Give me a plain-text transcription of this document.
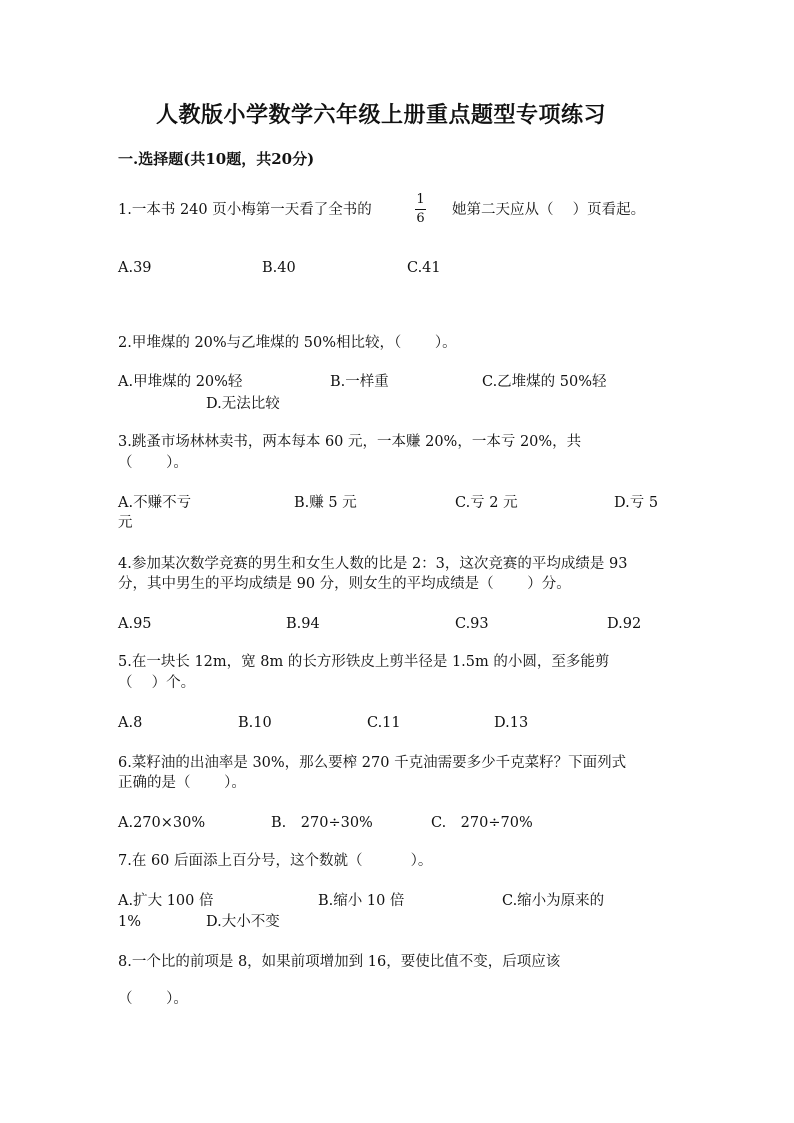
人教版小学数学六年级上册重点题型专项练习
一.选择题(共10题，共20分)
1.一本书 240 页小梅第一天看了全书的
1
6
她第二天应从（　 ）页看起。
A.39	B.40	C.41
2.甲堆煤的 20%与乙堆煤的 50%相比较，（　　 ）。
A.甲堆煤的 20%轻	B.一样重	C.乙堆煤的 50%轻
D.无法比较
3.跳蚤市场林林卖书，两本每本 60 元，一本赚 20%，一本亏 20%，共
（　　 ）。
A.不赚不亏	B.赚 5 元	C.亏 2 元	D.亏 5
元
4.参加某次数学竞赛的男生和女生人数的比是 2：3，这次竞赛的平均成绩是 93
分，其中男生的平均成绩是 90 分，则女生的平均成绩是（　　 ）分。
A.95	B.94	C.93	D.92
5.在一块长 12m，宽 8m 的长方形铁皮上剪半径是 1.5m 的小圆，至多能剪
（　 ）个。
A.8	B.10	C.11	D.13
6.菜籽油的出油率是 30%，那么要榨 270 千克油需要多少千克菜籽？下面列式
正确的是（　　 ）。
A.270×30%	B.　270÷30%	C.　270÷70%
7.在 60 后面添上百分号，这个数就（　　　 ）。
A.扩大 100 倍	B.缩小 10 倍	C.缩小为原来的
1%	D.大小不变
8.一个比的前项是 8，如果前项增加到 16，要使比值不变，后项应该
（　　 ）。
